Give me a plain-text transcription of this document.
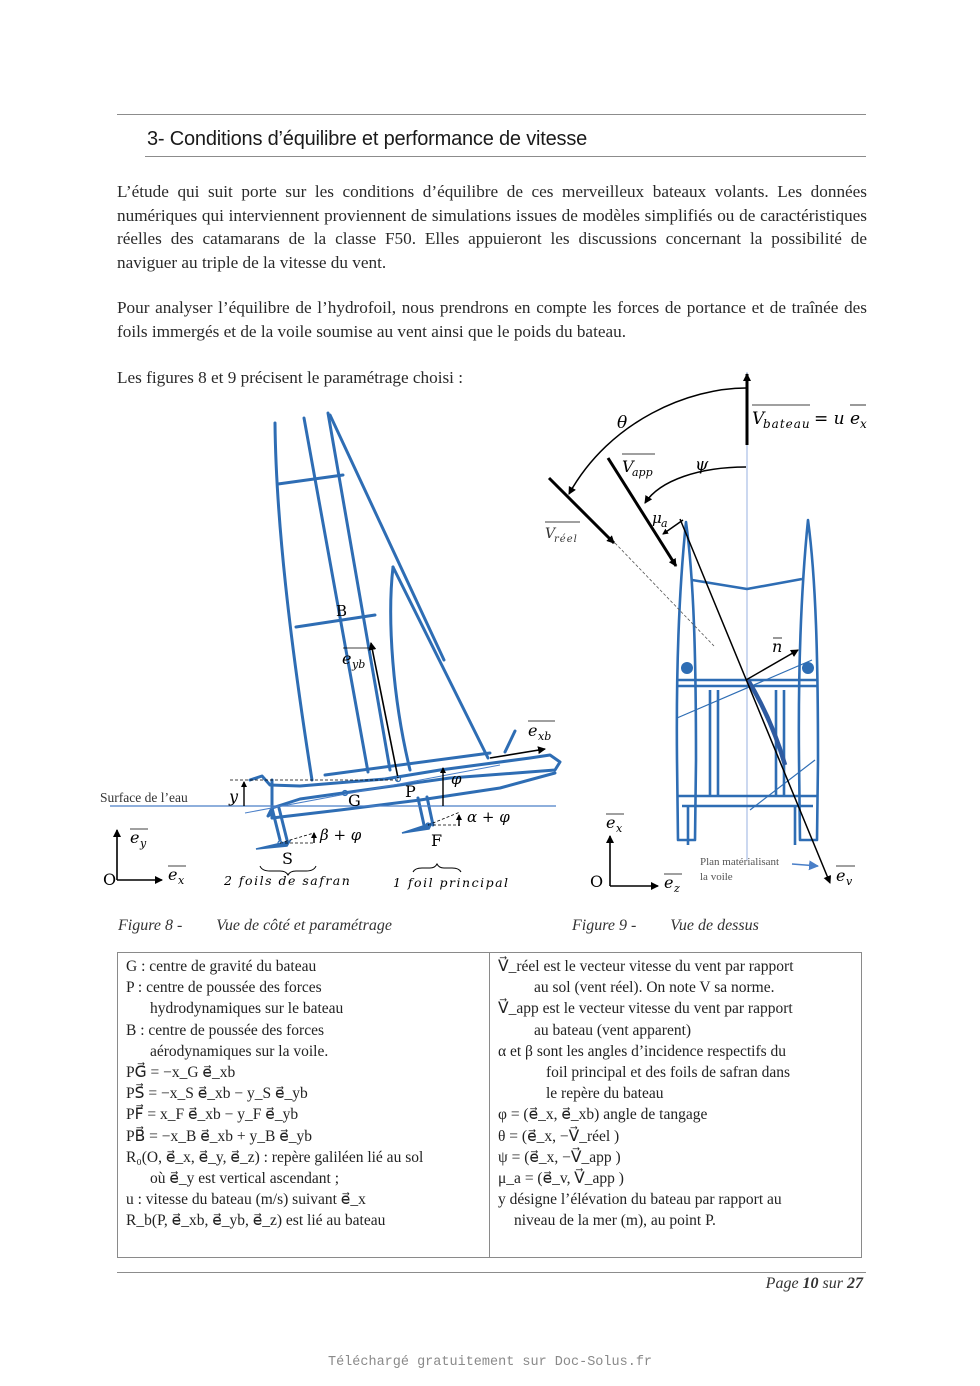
3- Conditions d’équilibre et performance de vitesse

L’étude qui suit porte sur les conditions d’équilibre de ces merveilleux bateaux volants. Les données numériques qui interviennent proviennent de simulations issues de modèles simplifiés ou de caractéristiques réelles des catamarans de la classe F50. Elles appuieront les discussions concernant la possibilité de naviguer au triple de la vitesse du vent.

Pour analyser l’équilibre de l’hydrofoil, nous prendrons en compte les forces de portance et de traînée des foils immergés et de la voile soumise au vent ainsi que le poids du bateau.

Les figures 8 et 9 précisent le paramétrage choisi :

B
e yb
e xb
P
G
F
S
y
φ
α + φ
β + φ
Surface de l’eau
O	e x
e y
2 foils de safran	1 foil principal
V
bateau = u e x
θ
ψ
V
app
V
réel
μ a
n
e v
e x
e z
O
Plan matérialisant
la voile
Figure 8 - Vue de côté et paramétrage	Figure 9 - Vue de dessus
G : centre de gravité du bateau
P : centre de poussée des forces
hydrodynamiques sur le bateau
B : centre de poussée des forces
aérodynamiques sur la voile.
PG⃗ = −x_G e⃗_xb
PS⃗ = −x_S e⃗_xb − y_S e⃗_yb
PF⃗ = x_F e⃗_xb − y_F e⃗_yb
PB⃗ = −x_B e⃗_xb + y_B e⃗_yb
R₀(O, e⃗_x, e⃗_y, e⃗_z) : repère galiléen lié au sol
où e⃗_y est vertical ascendant ;
u : vitesse du bateau (m/s) suivant e⃗_x
R_b(P, e⃗_xb, e⃗_yb, e⃗_z) est lié au bateau
V⃗_réel est le vecteur vitesse du vent par rapport
au sol (vent réel). On note V sa norme.
V⃗_app est le vecteur vitesse du vent par rapport
au bateau (vent apparent)
α et β sont les angles d’incidence respectifs du
foil principal et des foils de safran dans
le repère du bateau
φ = (e⃗_x, e⃗_xb) angle de tangage
θ = (e⃗_x, −V⃗_réel )
ψ = (e⃗_x, −V⃗_app )
μ_a = (e⃗_v, V⃗_app )
y désigne l’élévation du bateau par rapport au
niveau de la mer (m), au point P.
Page 10 sur 27
Téléchargé gratuitement sur Doc-Solus.fr
